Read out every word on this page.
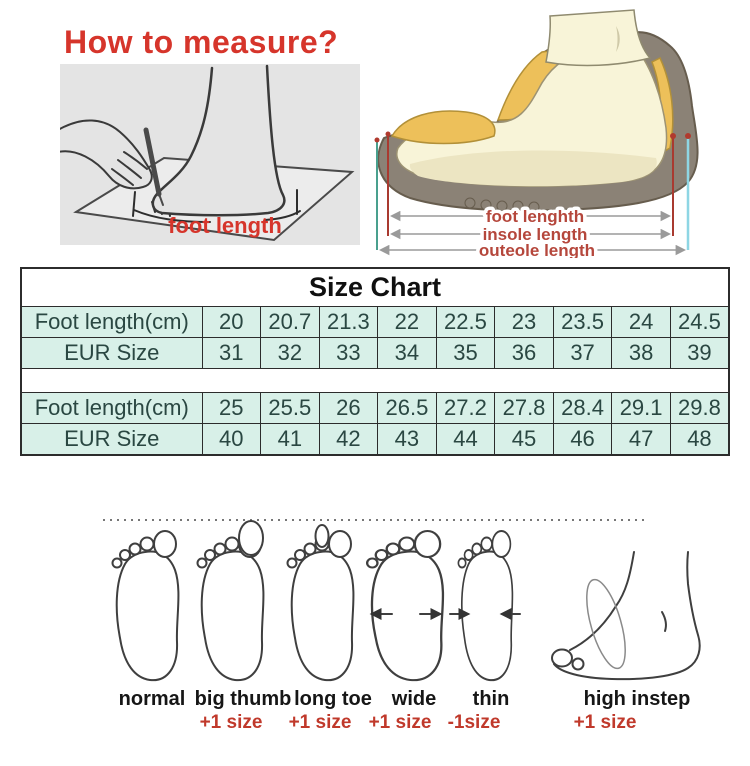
How to measure?
foot length	foot lenghth
insole length
outeole length
Size Chart									
Foot length(cm)	20	20.7	21.3	22	22.5	23	23.5	24	24.5
EUR Size	31	32	33	34	35	36	37	38	39

Foot length(cm)	25	25.5	26	26.5	27.2	27.8	28.4	29.1	29.8
EUR Size	40	41	42	43	44	45	46	47	48
normal big thumb long toe wide thin	high instep
+1 size +1 size +1 size -1size	+1 size
